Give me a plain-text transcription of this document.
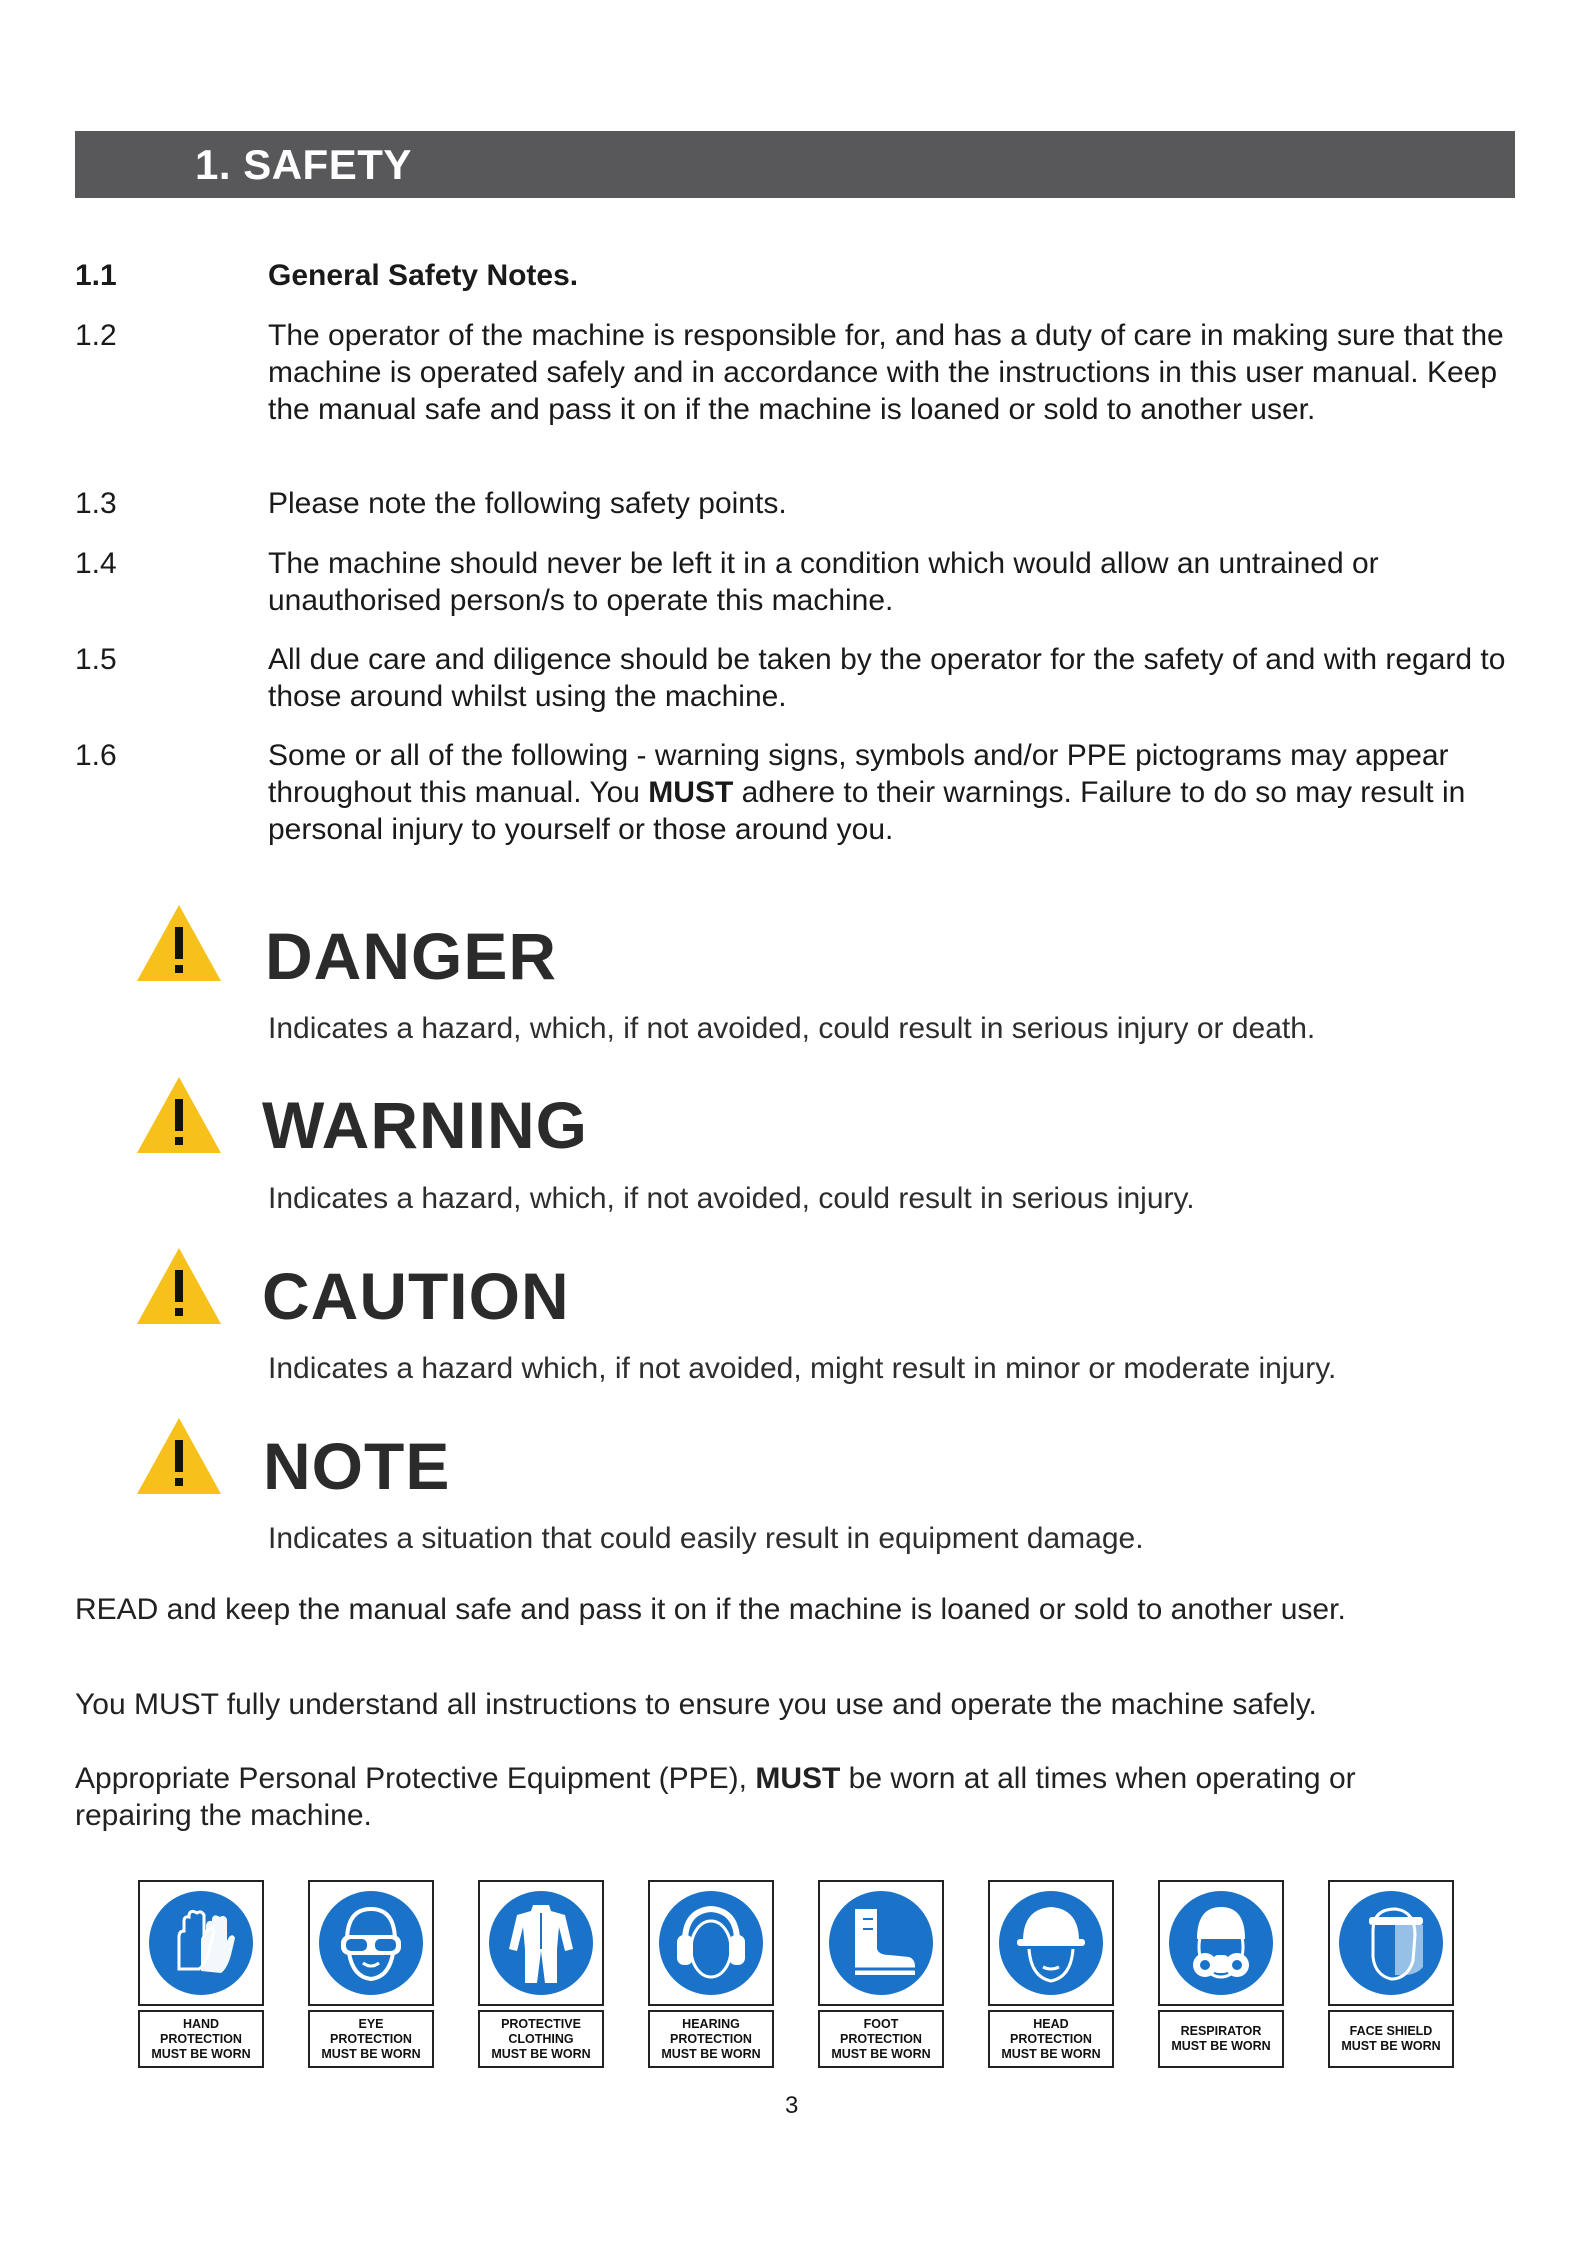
1. SAFETY
1.1	General Safety Notes.
1.2	The operator of the machine is responsible for, and has a duty of care in making sure that the machine is operated safely and in accordance with the instructions in this user manual. Keep the manual safe and pass it on if the machine is loaned or sold to another user.
1.3	Please note the following safety points.
1.4	The machine should never be left it in a condition which would allow an untrained or unauthorised person/s to operate this machine.
1.5	All due care and diligence should be taken by the operator for the safety of and with regard to those around whilst using the machine.
1.6	Some or all of the following - warning signs, symbols and/or PPE pictograms may appear throughout this manual. You MUST adhere to their warnings. Failure to do so may result in personal injury to yourself or those around you.
DANGER
Indicates a hazard, which, if not avoided, could result in serious injury or death.
WARNING
Indicates a hazard, which, if not avoided, could result in serious injury.
CAUTION
Indicates a hazard which, if not avoided, might result in minor or moderate injury.
NOTE
Indicates a situation that could easily result in equipment damage.
READ and keep the manual safe and pass it on if the machine is loaned or sold to another user.
You MUST fully understand all instructions to ensure you use and operate the machine safely.
Appropriate Personal Protective Equipment (PPE), MUST be worn at all times when operating or repairing the machine.
HAND
PROTECTION
MUST BE WORN
EYE
PROTECTION
MUST BE WORN
PROTECTIVE
CLOTHING
MUST BE WORN
HEARING
PROTECTION
MUST BE WORN
FOOT
PROTECTION
MUST BE WORN
HEAD
PROTECTION
MUST BE WORN
RESPIRATOR
MUST BE WORN
FACE SHIELD
MUST BE WORN
3
